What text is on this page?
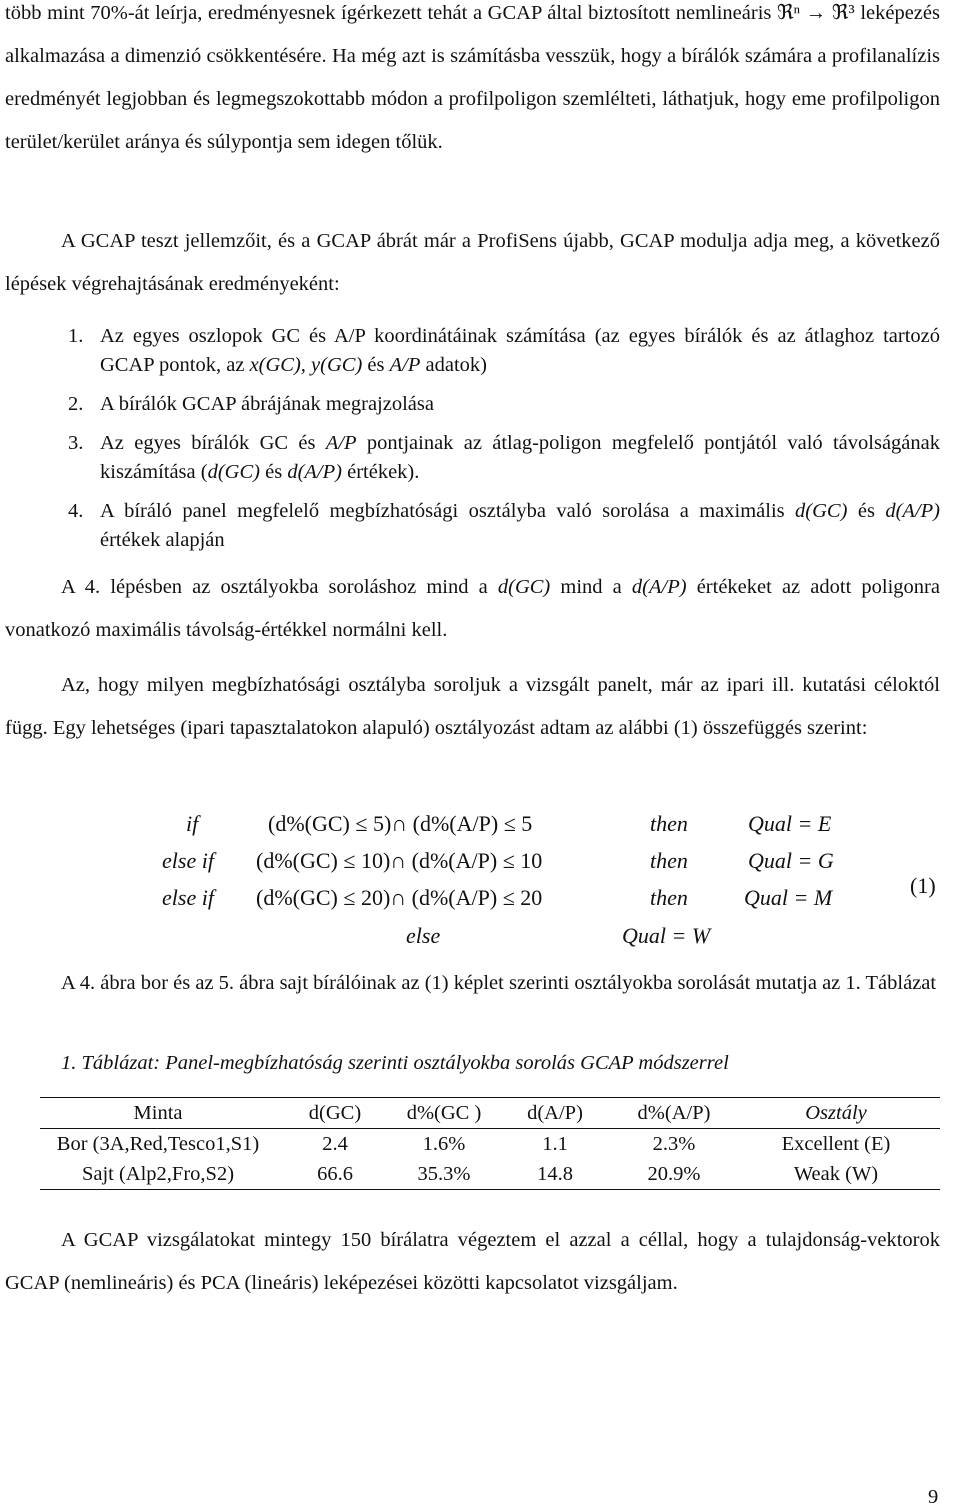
több mint 70%-át leírja, eredményesnek ígérkezett tehát a GCAP által biztosított nemlineáris ℜⁿ → ℜ³ leképezés alkalmazása a dimenzió csökkentésére. Ha még azt is számításba vesszük, hogy a bírálók számára a profilanalízis eredményét legjobban és legmegszokottabb módon a profilpoligon szemlélteti, láthatjuk, hogy eme profilpoligon terület/kerület aránya és súlypontja sem idegen tőlük.

A GCAP teszt jellemzőit, és a GCAP ábrát már a ProfiSens újabb, GCAP modulja adja meg, a következő lépések végrehajtásának eredményeként:

1. Az egyes oszlopok GC és A/P koordinátáinak számítása (az egyes bírálók és az átlaghoz tartozó GCAP pontok, az x(GC), y(GC) és A/P adatok)
2. A bírálók GCAP ábrájának megrajzolása
3. Az egyes bírálók GC és A/P pontjainak az átlag-poligon megfelelő pontjától való távolságának kiszámítása (d(GC) és d(A/P) értékek).
4. A bíráló panel megfelelő megbízhatósági osztályba való sorolása a maximális d(GC) és d(A/P) értékek alapján

A 4. lépésben az osztályokba soroláshoz mind a d(GC) mind a d(A/P) értékeket az adott poligonra vonatkozó maximális távolság-értékkel normálni kell.

Az, hogy milyen megbízhatósági osztályba soroljuk a vizsgált panelt, már az ipari ill. kutatási céloktól függ. Egy lehetséges (ipari tapasztalatokon alapuló) osztályozást adtam az alábbi (1) összefüggés szerint:

if	(d%(GC) ≤ 5)∩ (d%(A/P) ≤ 5	then	Qual = E
else if (d%(GC) ≤ 10)∩ (d%(A/P) ≤ 10	then	Qual = G
else if (d%(GC) ≤ 20)∩ (d%(A/P) ≤ 20	then	Qual = M
else	Qual = W
(1)

A 4. ábra bor és az 5. ábra sajt bírálóinak az (1) képlet szerinti osztályokba sorolását mutatja az 1. Táblázat

1. Táblázat: Panel-megbízhatóság szerinti osztályokba sorolás GCAP módszerrel
Minta	d(GC)	d%(GC )	d(A/P)	d%(A/P)	Osztály
Bor (3A,Red,Tesco1,S1)	2.4	1.6%	1.1	2.3%	Excellent (E)
Sajt (Alp2,Fro,S2)	66.6	35.3%	14.8	20.9%	Weak (W)

A GCAP vizsgálatokat mintegy 150 bírálatra végeztem el azzal a céllal, hogy a tulajdonság-vektorok GCAP (nemlineáris) és PCA (lineáris) leképezései közötti kapcsolatot vizsgáljam.

9
